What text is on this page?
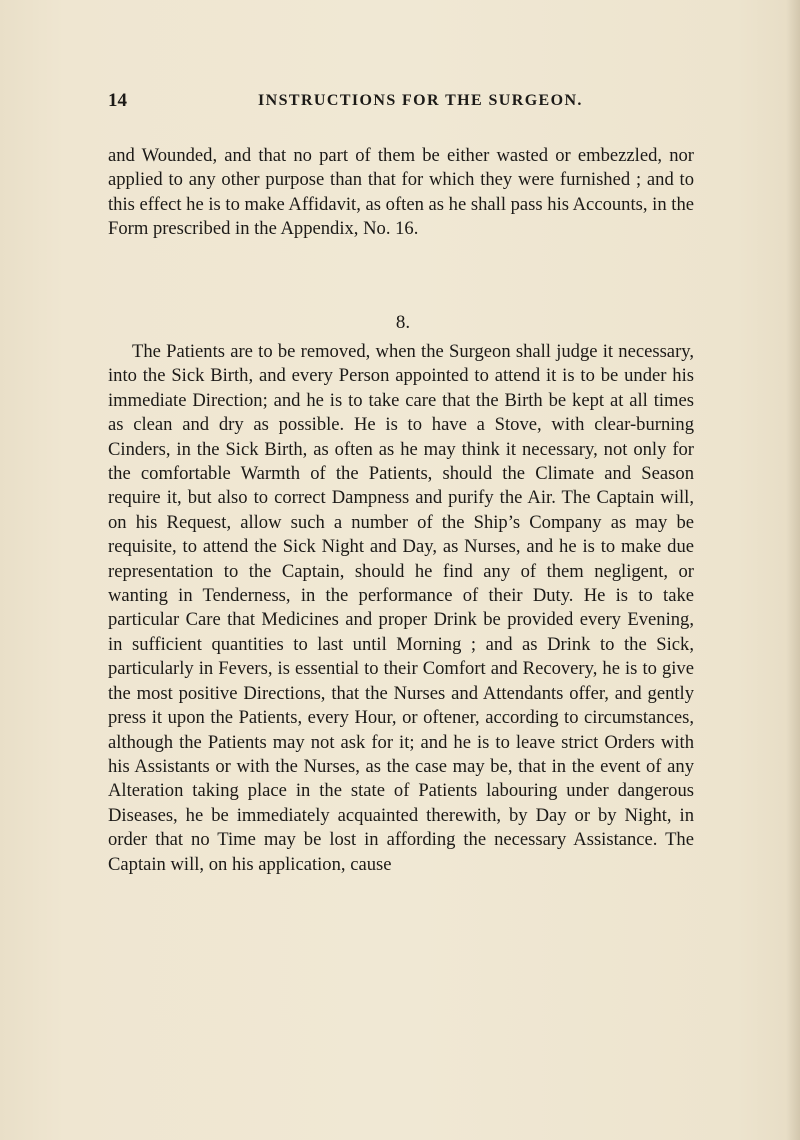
14	INSTRUCTIONS FOR THE SURGEON.

and Wounded, and that no part of them be either wasted or embezzled, nor applied to any other purpose than that for which they were furnished ; and to this effect he is to make Affidavit, as often as he shall pass his Accounts, in the Form prescribed in the Appendix, No. 16.

8.

The Patients are to be removed, when the Surgeon shall judge it necessary, into the Sick Birth, and every Person appointed to attend it is to be under his immediate Direction; and he is to take care that the Birth be kept at all times as clean and dry as possible. He is to have a Stove, with clear-burning Cinders, in the Sick Birth, as often as he may think it necessary, not only for the comfortable Warmth of the Patients, should the Climate and Season require it, but also to correct Dampness and purify the Air. The Captain will, on his Request, allow such a number of the Ship’s Company as may be requisite, to attend the Sick Night and Day, as Nurses, and he is to make due representation to the Captain, should he find any of them negligent, or wanting in Tenderness, in the performance of their Duty. He is to take particular Care that Medicines and proper Drink be provided every Evening, in sufficient quantities to last until Morning ; and as Drink to the Sick, particularly in Fevers, is essential to their Comfort and Recovery, he is to give the most positive Directions, that the Nurses and Attendants offer, and gently press it upon the Patients, every Hour, or oftener, according to circumstances, although the Patients may not ask for it; and he is to leave strict Orders with his Assistants or with the Nurses, as the case may be, that in the event of any Alteration taking place in the state of Patients labouring under dangerous Diseases, he be immediately acquainted therewith, by Day or by Night, in order that no Time may be lost in affording the necessary Assistance. The Captain will, on his application, cause
